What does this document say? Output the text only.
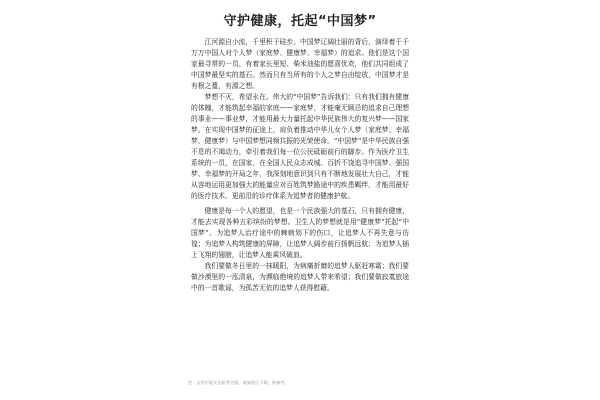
守护健康，托起“中国梦”

江河源自小流，千里积于硅步。中国梦辽阔壮丽的背后，演绎着千千万万中国人对个人梦（家庭梦、健康梦、幸福梦）的追求。他们是这个国家最寻常的一员，有着家长里短、柴米油盐的愿喜忧欢，他们共同组成了中国梦最坚实的基石。然而只有当所有的个人之梦自由绽放，中国梦才是有根之蔓，有源之想。

梦想不灭，希望永在。伟大的“中国梦”告诉我们：只有我们拥有健康的体魄，才能筑起幸福的家庭——家庭梦，才能毫无顾忌的追求自己理想的事业——事业梦，才能用最大力量托起中华民族伟大的复兴梦——国家梦。在实现中国梦的征途上，肩负着推动中华儿女个人梦（家庭梦、幸福梦、健康梦）与中国梦想同频共振的光荣使命。“中国梦”是中华民族自强不息的不竭动力，牵引着我们每一位公民砥砺前行的脚步。作为医疗卫生系统的一员，在国家、在全国人民众志成城、百折不饶追寻中国梦、强国梦、幸福梦的开局之年，我深刻地意识到只有不断地发展壮大自己，才能从容地运用更加强大的能量应对百姓筑梦路途中的疾患羁绊，才能用最好的医疗技术、更前沿的诊疗体系为追梦者的健康护航。

健康是每一个人的愿望，也是一个民族强大的基石，只有拥有健康，才能去实现各种五彩缤纷的梦想。卫生人的梦想就是用“健康梦”托起“中国梦”。为追梦人治疗途中的棘刺划下的伤口，让追梦人不再失意与彷徨；为追梦人构筑健康的屏障，让追梦人阔步前行扬帆远航；为追梦人插上飞翔的翅膀，让追梦人能乘风破浪。

我们要做冬日里的一抹暖阳，为病痛折磨的追梦人驱赶寒霜；我们要做沙漠里的一泓清泉，为濒临绝境的追梦人带来希望；我们要做寂寞旅途中的一首歌谣，为孤苦无依的追梦人获得慰藉。

注：文档可能无法思考全面，请浏览后下载，供参考。
